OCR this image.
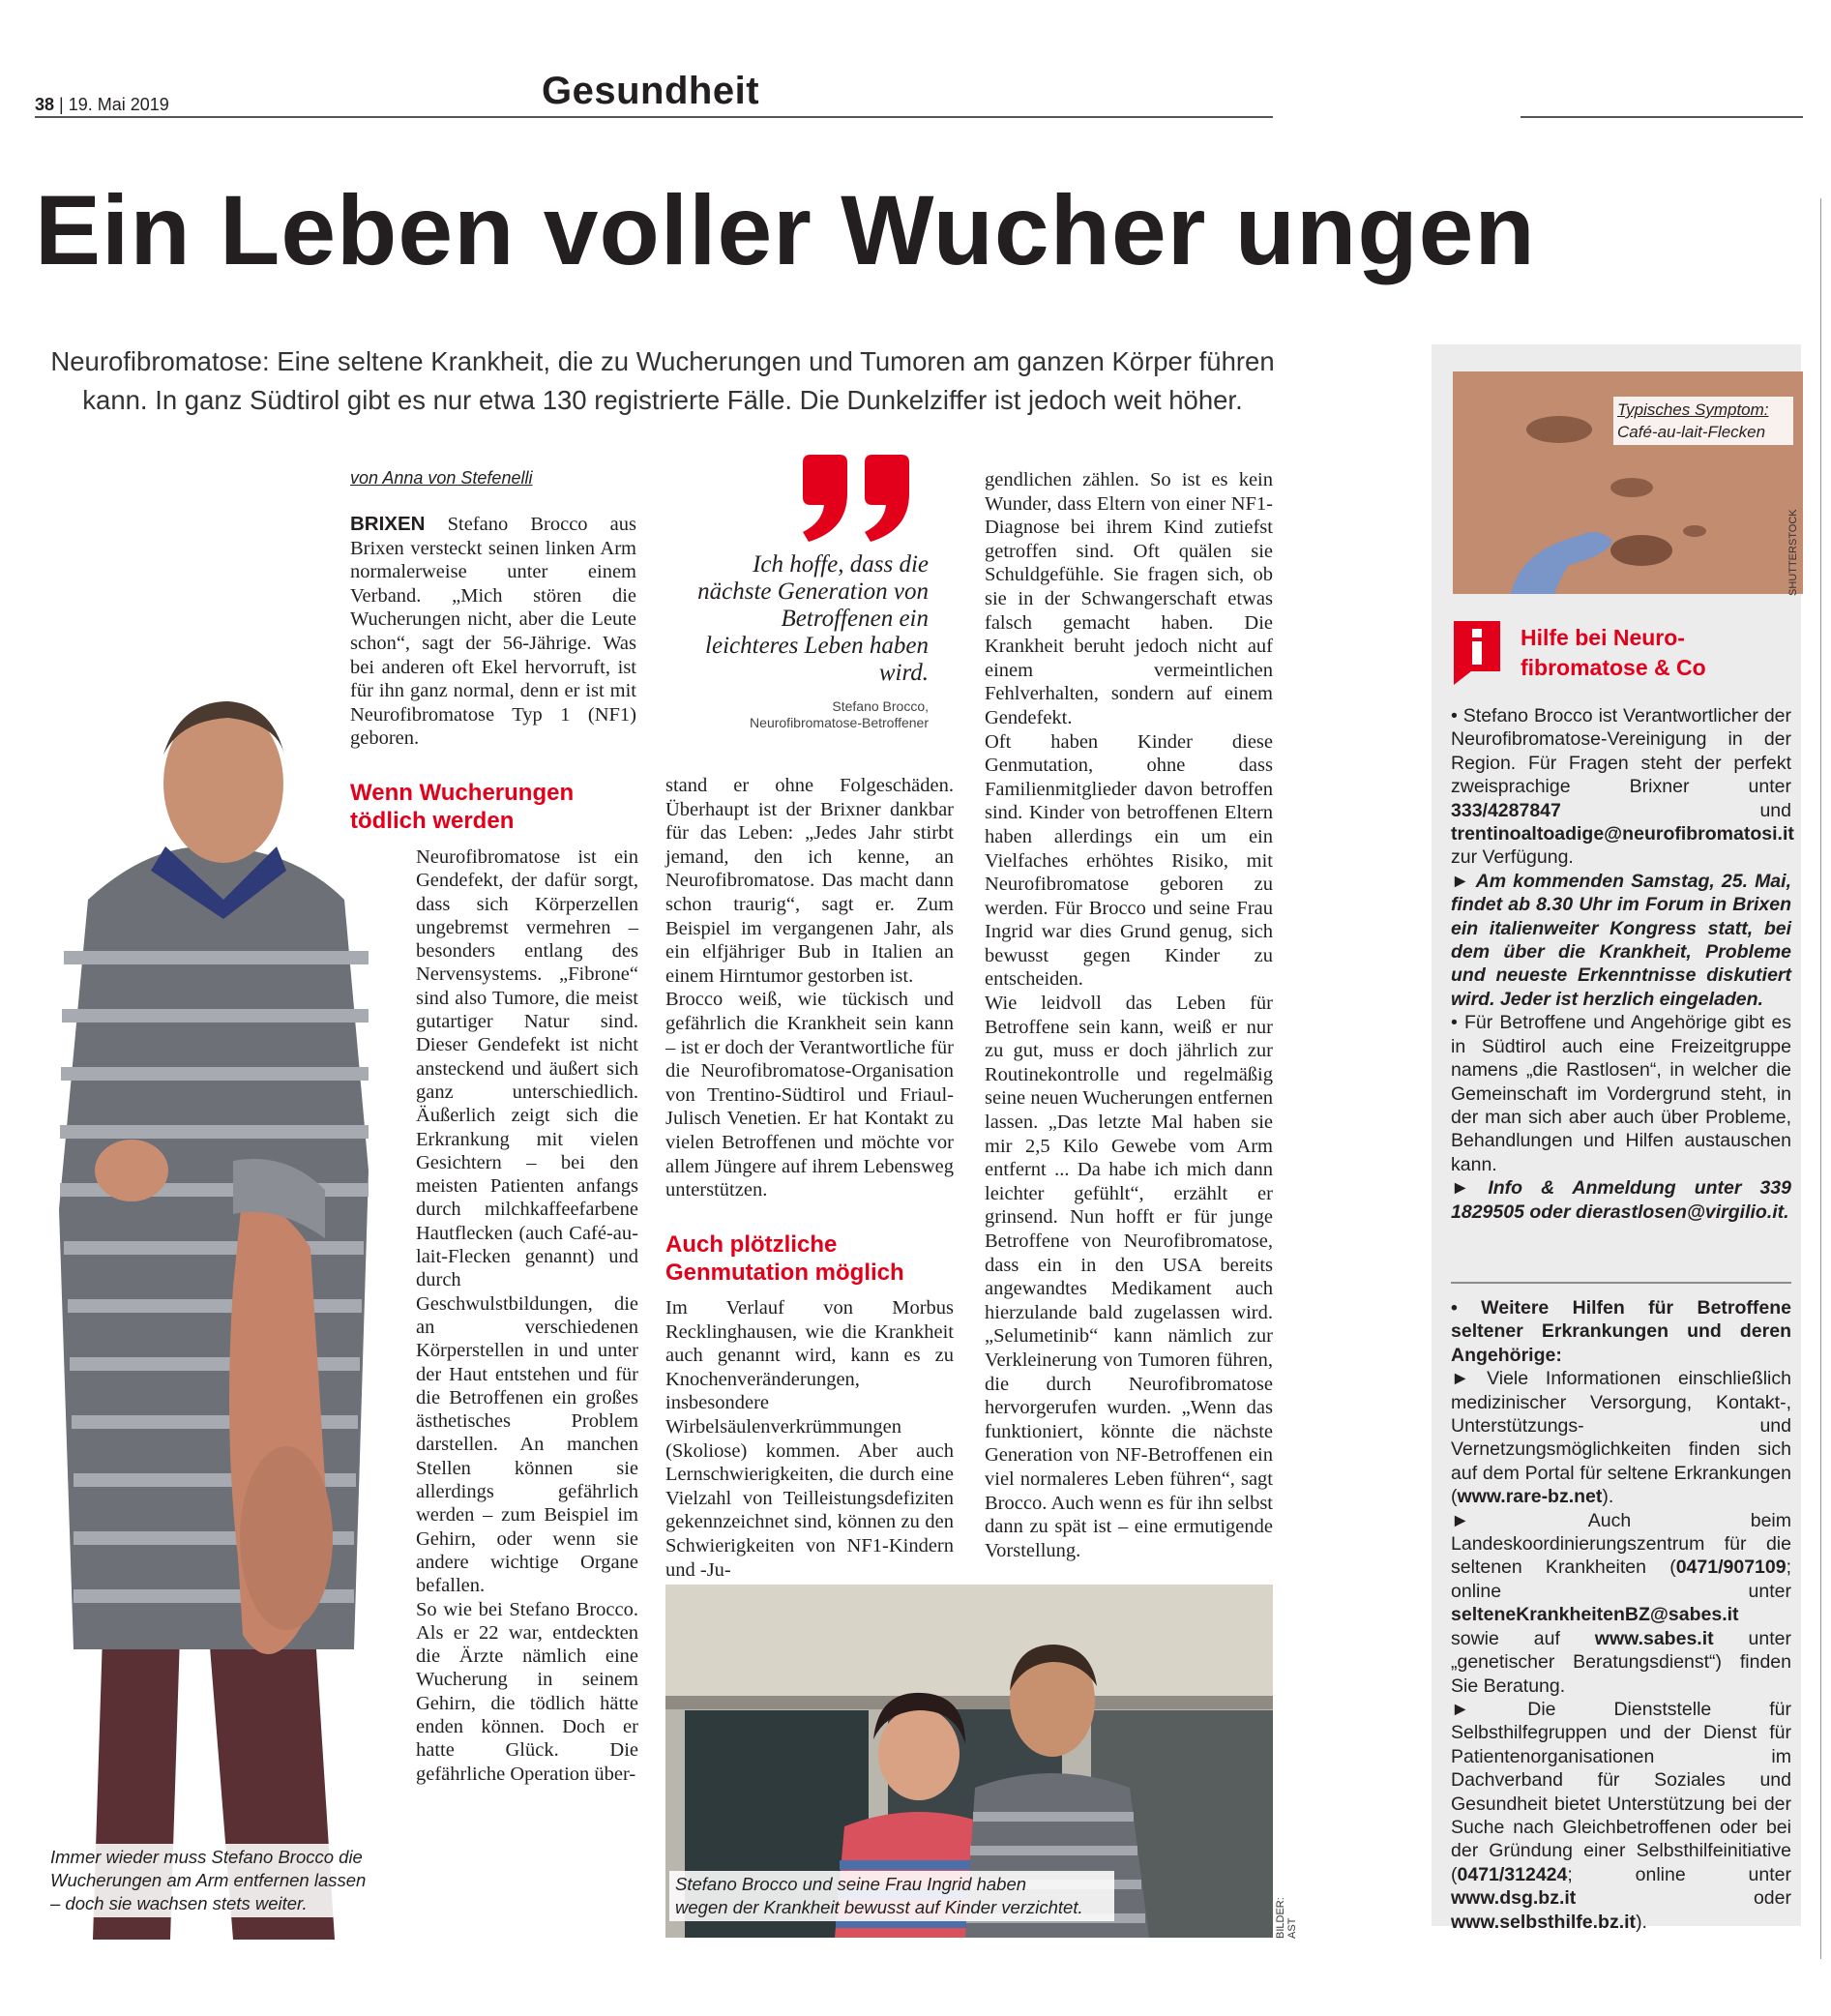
38 | 19. Mai 2019	Gesundheit
Ein Leben voller Wucher ungen
Neurofibromatose: Eine seltene Krankheit, die zu Wucherungen und Tumoren am ganzen Körper führen kann. In ganz Südtirol gibt es nur etwa 130 registrierte Fälle. Die Dunkelziffer ist jedoch weit höher.
Immer wieder muss Stefano Brocco die
Wucherungen am Arm entfernen lassen
– doch sie wachsen stets weiter.
von Anna von Stefenelli

BRIXEN Stefano Brocco aus Brixen versteckt seinen linken Arm normalerweise unter einem Verband. „Mich stören die Wucherungen nicht, aber die Leute schon“, sagt der 56-Jährige. Was bei anderen oft Ekel hervorruft, ist für ihn ganz normal, denn er ist mit Neurofibromatose Typ 1 (NF1) geboren.

Wenn Wucherungen tödlich werden

Neurofibromatose ist ein Gendefekt, der dafür sorgt, dass sich Körperzellen ungebremst vermehren – besonders entlang des Nervensystems. „Fibrone“ sind also Tumore, die meist gutartiger Natur sind. Dieser Gendefekt ist nicht ansteckend und äußert sich ganz unterschiedlich. Äußerlich zeigt sich die Erkrankung mit vielen Gesichtern – bei den meisten Patienten anfangs durch milchkaffeefarbene Hautflecken (auch Café-au-lait-Flecken genannt) und durch Geschwulstbildungen, die an verschiedenen Körperstellen in und unter der Haut entstehen und für die Betroffenen ein großes ästhetisches Problem darstellen. An manchen Stellen können sie allerdings gefährlich werden – zum Beispiel im Gehirn, oder wenn sie andere wichtige Organe befallen.

So wie bei Stefano Brocco. Als er 22 war, entdeckten die Ärzte nämlich eine Wucherung in seinem Gehirn, die tödlich hätte enden können. Doch er hatte Glück. Die gefährliche Operation über-

Ich hoffe, dass die nächste Generation von Betroffenen ein leichteres Leben haben wird.
Stefano Brocco,
Neurofibromatose-Betroffener

stand er ohne Folgeschäden. Überhaupt ist der Brixner dankbar für das Leben: „Jedes Jahr stirbt jemand, den ich kenne, an Neurofibromatose. Das macht dann schon traurig“, sagt er. Zum Beispiel im vergangenen Jahr, als ein elfjähriger Bub in Italien an einem Hirntumor gestorben ist.

Brocco weiß, wie tückisch und gefährlich die Krankheit sein kann – ist er doch der Verantwortliche für die Neurofibromatose-Organisation von Trentino-Südtirol und Friaul-Julisch Venetien. Er hat Kontakt zu vielen Betroffenen und möchte vor allem Jüngere auf ihrem Lebensweg unterstützen.

Auch plötzliche Genmutation möglich

Im Verlauf von Morbus Recklinghausen, wie die Krankheit auch genannt wird, kann es zu Knochenveränderungen, insbesondere Wirbelsäulenverkrümmungen (Skoliose) kommen. Aber auch Lernschwierigkeiten, die durch eine Vielzahl von Teilleistungsdefiziten gekennzeichnet sind, können zu den Schwierigkeiten von NF1-Kindern und -Ju-

gendlichen zählen. So ist es kein Wunder, dass Eltern von einer NF1-Diagnose bei ihrem Kind zutiefst getroffen sind. Oft quälen sie Schuldgefühle. Sie fragen sich, ob sie in der Schwangerschaft etwas falsch gemacht haben. Die Krankheit beruht jedoch nicht auf einem vermeintlichen Fehlverhalten, sondern auf einem Gendefekt.

Oft haben Kinder diese Genmutation, ohne dass Familienmitglieder davon betroffen sind. Kinder von betroffenen Eltern haben allerdings ein um ein Vielfaches erhöhtes Risiko, mit Neurofibromatose geboren zu werden. Für Brocco und seine Frau Ingrid war dies Grund genug, sich bewusst gegen Kinder zu entscheiden.

Wie leidvoll das Leben für Betroffene sein kann, weiß er nur zu gut, muss er doch jährlich zur Routinekontrolle und regelmäßig seine neuen Wucherungen entfernen lassen. „Das letzte Mal haben sie mir 2,5 Kilo Gewebe vom Arm entfernt ... Da habe ich mich dann leichter gefühlt“, erzählt er grinsend. Nun hofft er für junge Betroffene von Neurofibromatose, dass ein in den USA bereits angewandtes Medikament auch hierzulande bald zugelassen wird. „Selumetinib“ kann nämlich zur Verkleinerung von Tumoren führen, die durch Neurofibromatose hervorgerufen wurden. „Wenn das funktioniert, könnte die nächste Generation von NF-Betroffenen ein viel normaleres Leben führen“, sagt Brocco. Auch wenn es für ihn selbst dann zu spät ist – eine ermutigende Vorstellung.

Stefano Brocco und seine Frau Ingrid haben
wegen der Krankheit bewusst auf Kinder verzichtet.	BILDER: AST
Typisches Symptom:
Café-au-lait-Flecken
SHUTTERSTOCK
Hilfe bei Neuro-
fibromatose & Co

• Stefano Brocco ist Verantwortlicher der Neurofibromatose-Vereinigung in der Region. Für Fragen steht der perfekt zweisprachige Brixner unter 333/4287847 und trentinoaltoadige@neurofibromatosi.it zur Verfügung.

► Am kommenden Samstag, 25. Mai, findet ab 8.30 Uhr im Forum in Brixen ein italienweiter Kongress statt, bei dem über die Krankheit, Probleme und neueste Erkenntnisse diskutiert wird. Jeder ist herzlich eingeladen.

• Für Betroffene und Angehörige gibt es in Südtirol auch eine Freizeitgruppe namens „die Rastlosen“, in welcher die Gemeinschaft im Vordergrund steht, in der man sich aber auch über Probleme, Behandlungen und Hilfen austauschen kann.

► Info & Anmeldung unter 339 1829505 oder dierastlosen@virgilio.it.

• Weitere Hilfen für Betroffene seltener Erkrankungen und deren Angehörige:

► Viele Informationen einschließlich medizinischer Versorgung, Kontakt-, Unterstützungs- und Vernetzungsmöglichkeiten finden sich auf dem Portal für seltene Erkrankungen (www.rare-bz.net).

► Auch beim Landeskoordinierungszentrum für die seltenen Krankheiten (0471/907109; online unter selteneKrankheitenBZ@sabes.it sowie auf www.sabes.it unter „genetischer Beratungsdienst“) finden Sie Beratung.

► Die Dienststelle für Selbsthilfegruppen und der Dienst für Patientenorganisationen im Dachverband für Soziales und Gesundheit bietet Unterstützung bei der Suche nach Gleichbetroffenen oder bei der Gründung einer Selbsthilfeinitiative (0471/312424; online unter www.dsg.bz.it oder www.selbsthilfe.bz.it).
